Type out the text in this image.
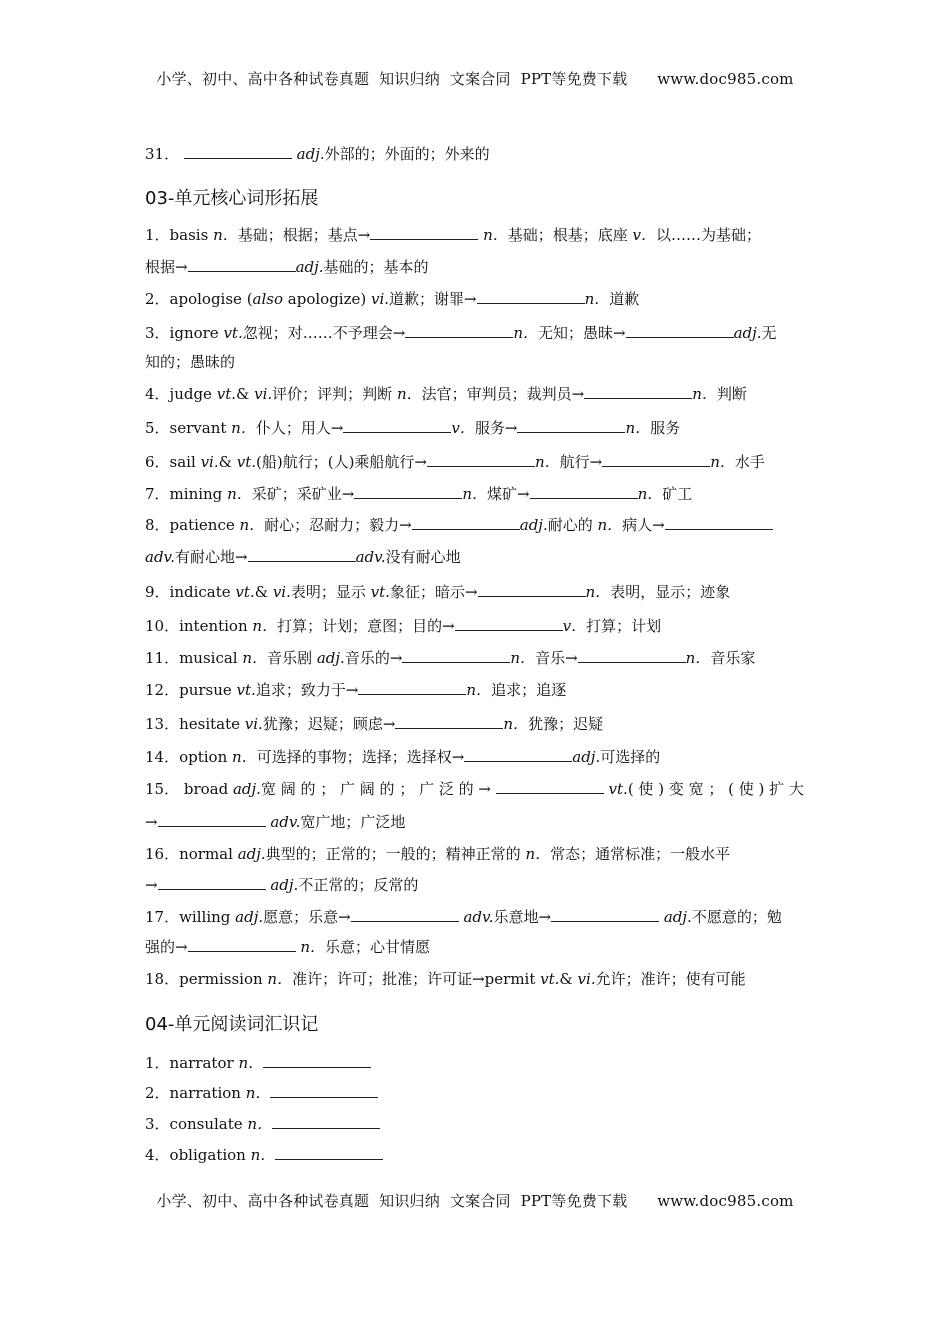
小学、初中、高中各种试卷真题  知识归纳  文案合同  PPT等免费下载      www.doc985.com
31．	adj.外部的；外面的；外来的
03-单元核心词形拓展
1．basis n．基础；根据；基点→	n．基础；根基；底座 v．以……为基础；
根据→	adj.基础的；基本的
2．apologise (also apologize) vi.道歉；谢罪→	n．道歉
3．ignore vt.忽视；对……不予理会→	n．无知；愚昧→	adj.无
知的；愚昧的
4．judge vt.& vi.评价；评判；判断 n．法官；审判员；裁判员→	n．判断
5．servant n．仆人；用人→	v．服务→	n．服务
6．sail vi.& vt.(船)航行；(人)乘船航行→	n．航行→	n．水手
7．mining n．采矿；采矿业→	n．煤矿→	n．矿工
8．patience n．耐心；忍耐力；毅力→	adj.耐心的 n．病人→
adv.有耐心地→	adv.没有耐心地
9．indicate vt.& vi.表明；显示 vt.象征；暗示→	n．表明，显示；迹象
10．intention n．打算；计划；意图；目的→	v．打算；计划
11．musical n．音乐剧 adj.音乐的→	n．音乐→	n．音乐家
12．pursue vt.追求；致力于→	n．追求；追逐
13．hesitate vi.犹豫；迟疑；顾虑→	n．犹豫；迟疑
14．option n．可选择的事物；选择；选择权→	adj.可选择的
15． broad adj.宽 阔 的 ； 广 阔 的 ； 广 泛 的 →	vt.( 使 ) 变 宽 ； ( 使 ) 扩 大
→	adv.宽广地；广泛地
16．normal adj.典型的；正常的；一般的；精神正常的 n．常态；通常标准；一般水平
→	adj.不正常的；反常的
17．willing adj.愿意；乐意→	adv.乐意地→	adj.不愿意的；勉
强的→	n．乐意；心甘情愿
18．permission n．准许；许可；批准；许可证→permit vt.& vi.允许；准许；使有可能
04-单元阅读词汇识记
1．narrator n．
2．narration n．
3．consulate n．
4．obligation n．
小学、初中、高中各种试卷真题  知识归纳  文案合同  PPT等免费下载      www.doc985.com
